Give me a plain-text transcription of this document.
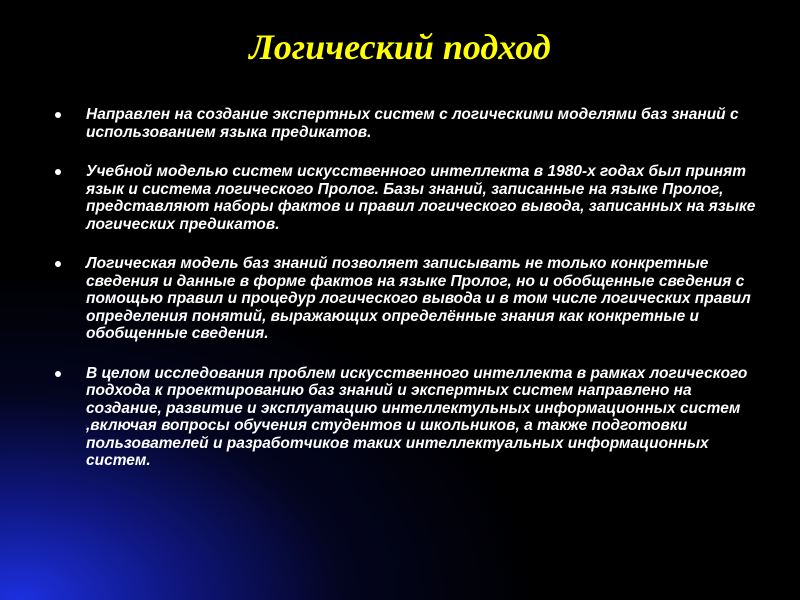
Логический подход
Направлен на создание экспертных систем с логическими моделями баз знаний с использованием языка предикатов.
Учебной моделью систем искусственного интеллекта в 1980-х годах был принят язык и система логического Пролог. Базы знаний, записанные на языке Пролог, представляют наборы фактов и правил логического вывода, записанных на языке логических предикатов.
Логическая модель баз знаний позволяет записывать не только конкретные сведения и данные в форме фактов на языке Пролог, но и обобщенные сведения с помощью правил и процедур логического вывода и в том числе логических правил определения понятий, выражающих определённые знания как конкретные и обобщенные сведения.
В целом исследования проблем искусственного интеллекта в рамках логического подхода к проектированию баз знаний и экспертных систем направлено на создание, развитие и эксплуатацию интеллектульных информационных систем ,включая вопросы обучения студентов и школьников, а также подготовки пользователей и разработчиков таких интеллектуальных информационных систем.
